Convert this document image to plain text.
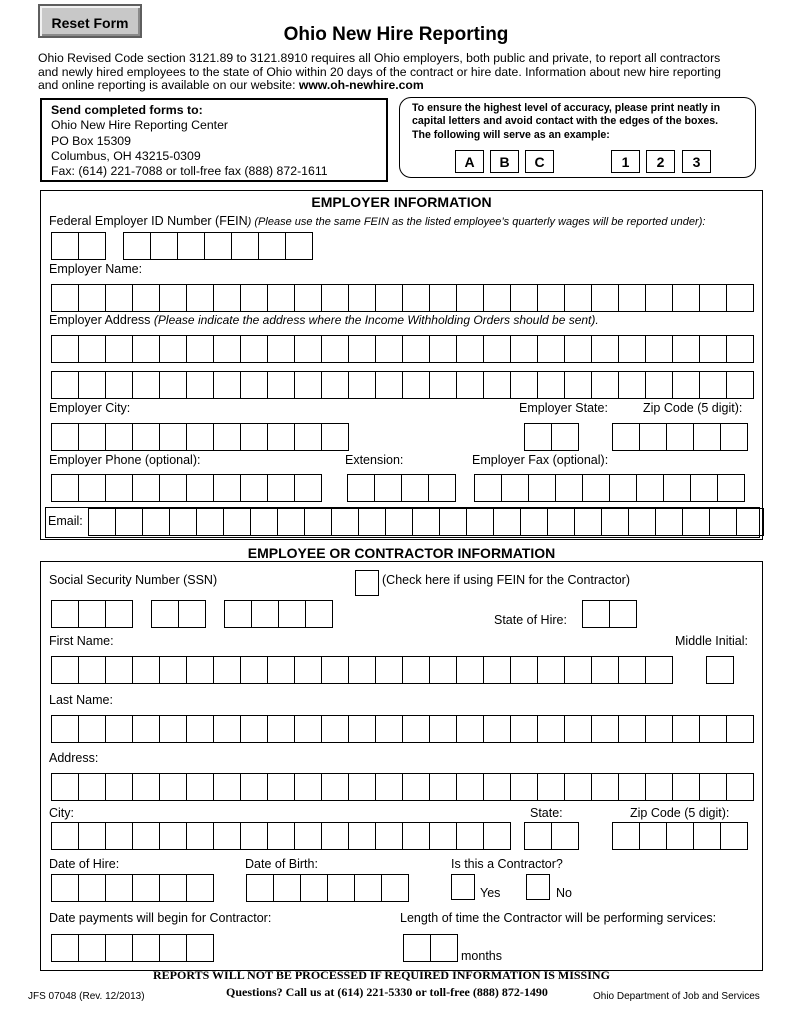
Reset Form
Ohio New Hire Reporting
Ohio Revised Code section 3121.89 to 3121.8910 requires all Ohio employers, both public and private, to report all contractors
and newly hired employees to the state of Ohio within 20 days of the contract or hire date. Information about new hire reporting
and online reporting is available on our website: www.oh-newhire.com
Send completed forms to:
Ohio New Hire Reporting Center
PO Box 15309
Columbus, OH 43215-0309
Fax: (614) 221-7088 or toll-free fax (888) 872-1611
To ensure the highest level of accuracy, please print neatly in
capital letters and avoid contact with the edges of the boxes.
The following will serve as an example:
A	B	C	1	2	3
EMPLOYER INFORMATION
Federal Employer ID Number (FEIN) (Please use the same FEIN as the listed employee’s quarterly wages will be reported under):
Employer Name:
Employer Address (Please indicate the address where the Income Withholding Orders should be sent).
Employer City:	Employer State:	Zip Code (5 digit):
Employer Phone (optional):	Extension:	Employer Fax (optional):
Email:
EMPLOYEE OR CONTRACTOR INFORMATION
Social Security Number (SSN)	(Check here if using FEIN for the Contractor)
State of Hire:
First Name:	Middle Initial:
Last Name:
Address:
City:	State:	Zip Code (5 digit):
Date of Hire:	Date of Birth:	Is this a Contractor?
Yes	No
Date payments will begin for Contractor:	Length of time the Contractor will be performing services:
months
REPORTS WILL NOT BE PROCESSED IF REQUIRED INFORMATION IS MISSING
Questions? Call us at (614) 221-5330 or toll-free (888) 872-1490
JFS 07048 (Rev. 12/2013)	Ohio Department of Job and Services
